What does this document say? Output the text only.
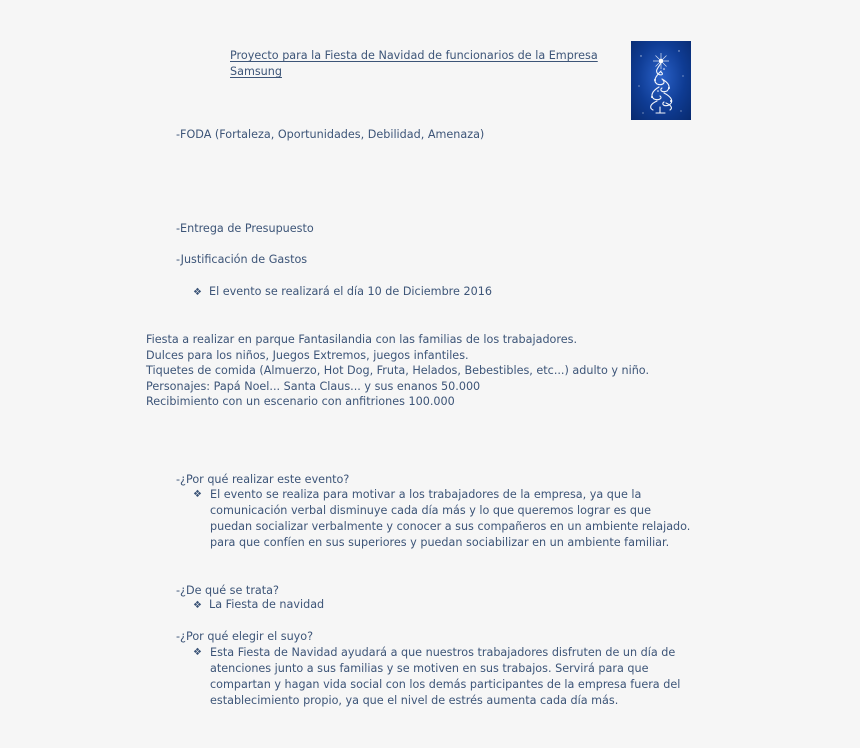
Proyecto para la Fiesta de Navidad de funcionarios de la Empresa
Samsung
-FODA (Fortaleza, Oportunidades, Debilidad, Amenaza)
-Entrega de Presupuesto
-Justificación de Gastos
❖ El evento se realizará el día 10 de Diciembre 2016
Fiesta a realizar en parque Fantasilandia con las familias de los trabajadores.
Dulces para los niños, Juegos Extremos, juegos infantiles.
Tiquetes de comida (Almuerzo, Hot Dog, Fruta, Helados, Bebestibles, etc...) adulto y niño.
Personajes: Papá Noel... Santa Claus... y sus enanos 50.000
Recibimiento con un escenario con anfitriones 100.000
-¿Por qué realizar este evento?
❖ El evento se realiza para motivar a los trabajadores de la empresa, ya que la
comunicación verbal disminuye cada día más y lo que queremos lograr es que
puedan socializar verbalmente y conocer a sus compañeros en un ambiente relajado.
para que confíen en sus superiores y puedan sociabilizar en un ambiente familiar.
-¿De qué se trata?
❖ La Fiesta de navidad
-¿Por qué elegir el suyo?
❖ Esta Fiesta de Navidad ayudará a que nuestros trabajadores disfruten de un día de
atenciones junto a sus familias y se motiven en sus trabajos. Servirá para que
compartan y hagan vida social con los demás participantes de la empresa fuera del
establecimiento propio, ya que el nivel de estrés aumenta cada día más.
